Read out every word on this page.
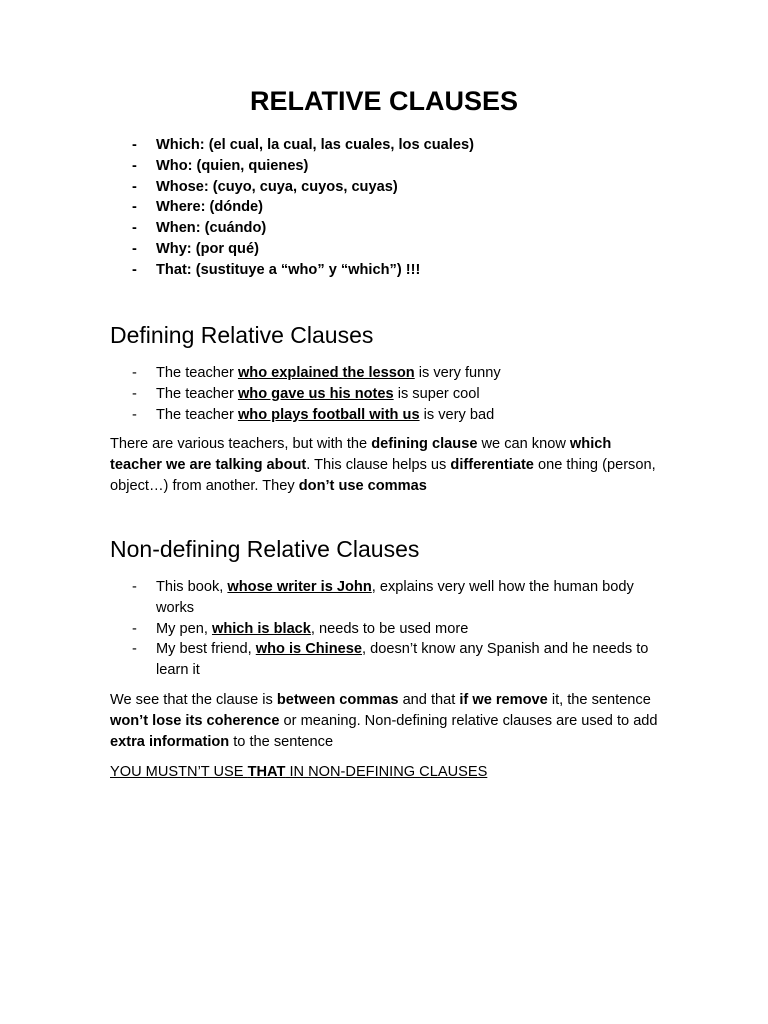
RELATIVE CLAUSES
- Which: (el cual, la cual, las cuales, los cuales)
- Who: (quien, quienes)
- Whose: (cuyo, cuya, cuyos, cuyas)
- Where: (dónde)
- When: (cuándo)
- Why: (por qué)
- That: (sustituye a “who” y “which”) !!!
Defining Relative Clauses
- The teacher who explained the lesson is very funny
- The teacher who gave us his notes is super cool
- The teacher who plays football with us is very bad

There are various teachers, but with the defining clause we can know which teacher we are talking about. This clause helps us differentiate one thing (person, object…) from another. They don’t use commas

Non-defining Relative Clauses
- This book, whose writer is John, explains very well how the human body works
- My pen, which is black, needs to be used more
- My best friend, who is Chinese, doesn’t know any Spanish and he needs to learn it

We see that the clause is between commas and that if we remove it, the sentence won’t lose its coherence or meaning. Non-defining relative clauses are used to add extra information to the sentence

YOU MUSTN’T USE THAT IN NON-DEFINING CLAUSES
